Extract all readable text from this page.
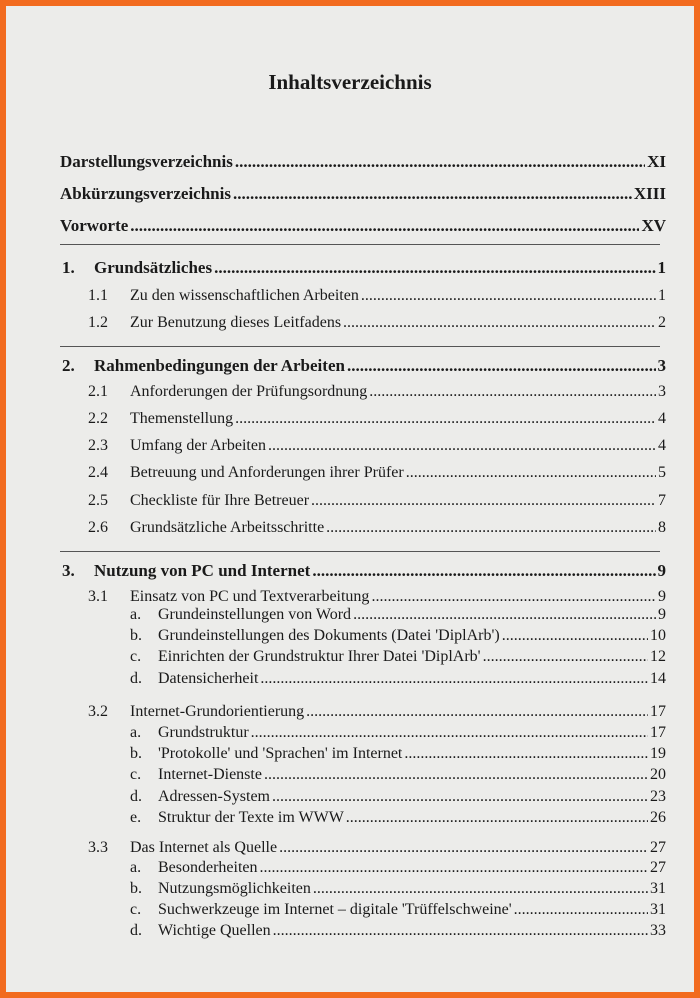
Inhaltsverzeichnis
Darstellungsverzeichnis .....	XI
Abkürzungsverzeichnis .....	XIII
Vorworte .....	XV
1.	Grundsätzliches .....	1
1.1	Zu den wissenschaftlichen Arbeiten .....	1
1.2	Zur Benutzung dieses Leitfadens .....	2
2.	Rahmenbedingungen der Arbeiten .....	3
2.1	Anforderungen der Prüfungsordnung .....	3
2.2	Themenstellung .....	4
2.3	Umfang der Arbeiten .....	4
2.4	Betreuung und Anforderungen ihrer Prüfer .....	5
2.5	Checkliste für Ihre Betreuer .....	7
2.6	Grundsätzliche Arbeitsschritte .....	8
3.	Nutzung von PC und Internet .....	9
3.1	Einsatz von PC und Textverarbeitung .....	9
a.	Grundeinstellungen von Word .....	9
b.	Grundeinstellungen des Dokuments (Datei 'DiplArb') .....	10
c.	Einrichten der Grundstruktur Ihrer Datei 'DiplArb' .....	12
d.	Datensicherheit .....	14
3.2	Internet-Grundorientierung .....	17
a.	Grundstruktur .....	17
b.	'Protokolle' und 'Sprachen' im Internet .....	19
c.	Internet-Dienste .....	20
d.	Adressen-System .....	23
e.	Struktur der Texte im WWW .....	26
3.3	Das Internet als Quelle .....	27
a.	Besonderheiten .....	27
b.	Nutzungsmöglichkeiten .....	31
c.	Suchwerkzeuge im Internet – digitale 'Trüffelschweine' .....	31
d.	Wichtige Quellen .....	33
